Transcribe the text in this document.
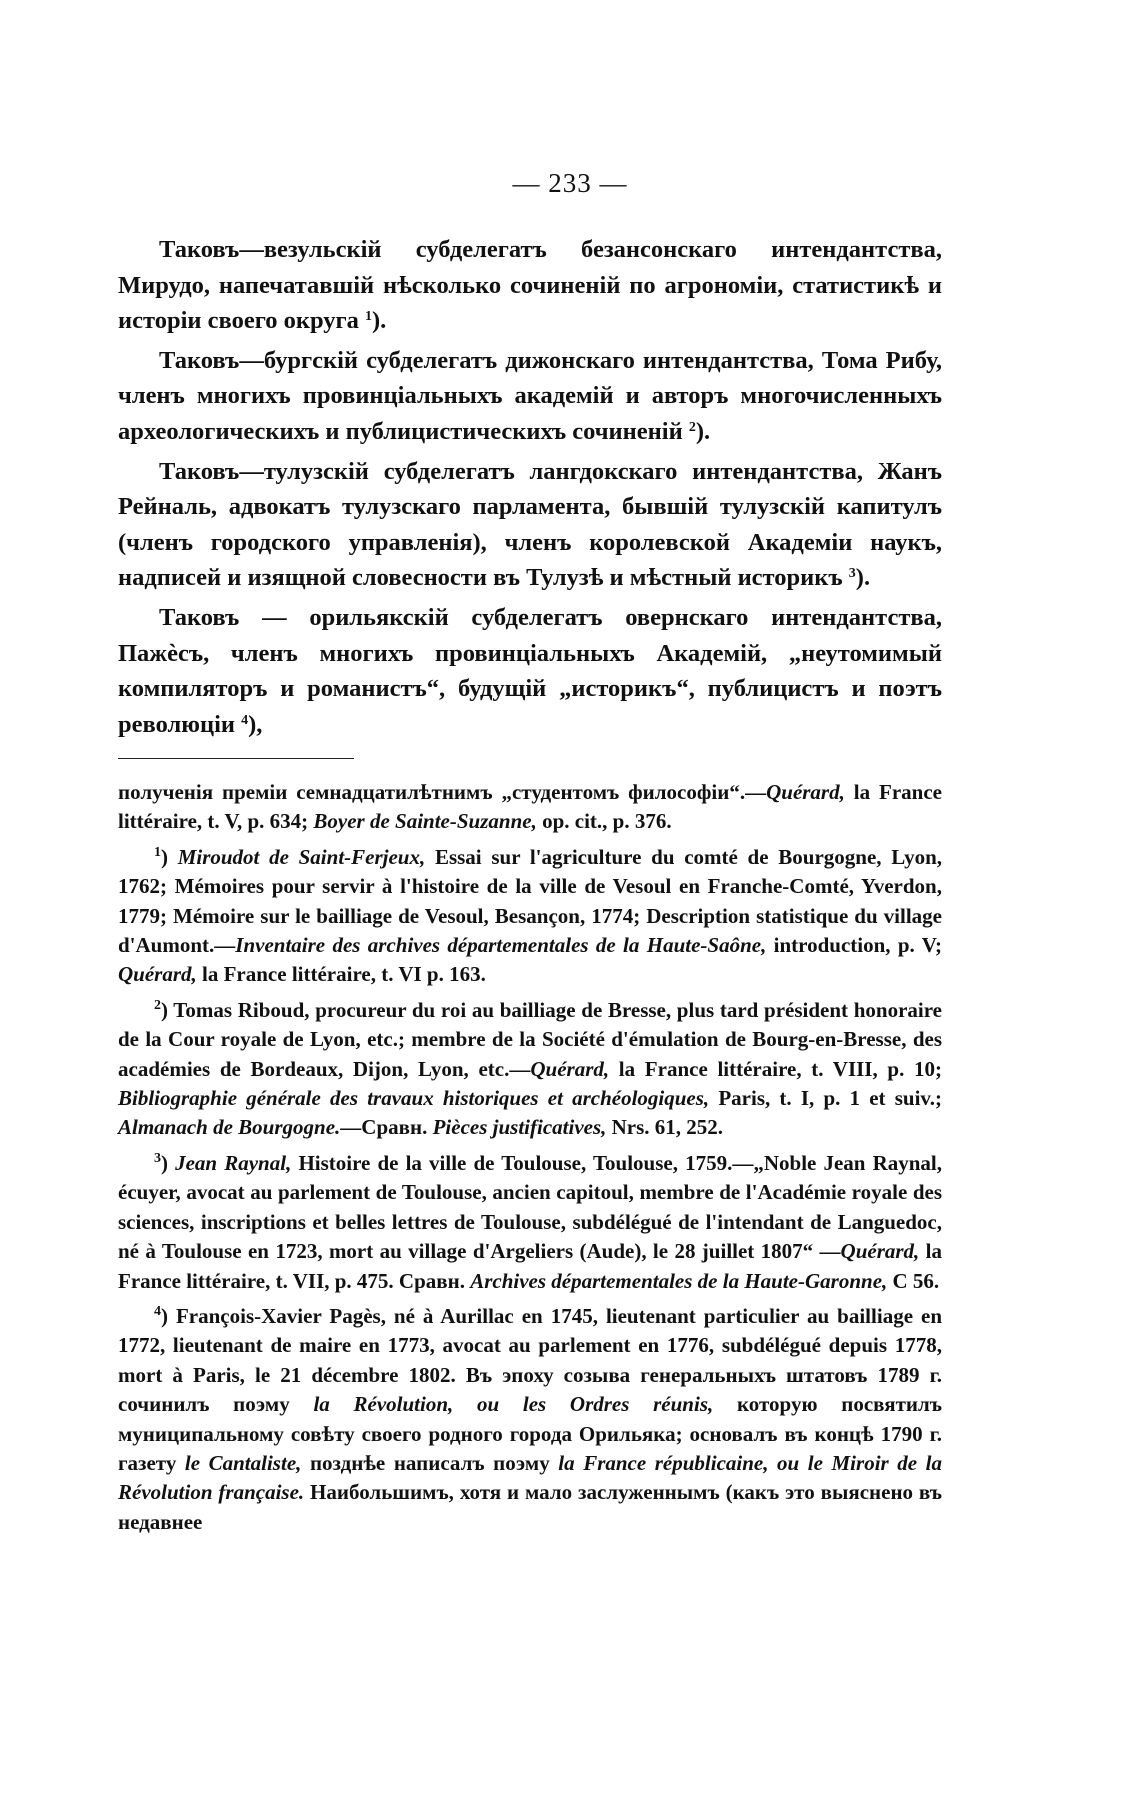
— 233 —

Таковъ—везульскій субделегатъ безансонскаго интендантства, Мирудо, напечатавшій нѣсколько сочиненій по агрономіи, статистикѣ и исторіи своего округа $^1$).

Таковъ—бургскій субделегатъ дижонскаго интендантства, Тома Рибу, членъ многихъ провинціальныхъ академій и авторъ многочисленныхъ археологическихъ и публицистическихъ сочиненій $^2$).

Таковъ—тулузскій субделегатъ лангдокскаго интендантства, Жанъ Рейналь, адвокатъ тулузскаго парламента, бывшій тулузскій капитулъ (членъ городского управленія), членъ королевской Академіи наукъ, надписей и изящной словесности въ Тулузѣ и мѣстный историкъ $^3$).

Таковъ — орильякскій субделегатъ овернскаго интендантства, Пажѐсъ, членъ многихъ провинціальныхъ Академій, „неутомимый компиляторъ и романистъ“, будущій „историкъ“, публицистъ и поэтъ революціи $^4$),

полученія преміи семнадцатилѣтнимъ „студентомъ философіи“.—Quérard, la France littéraire, t. V, p. 634; Boyer de Sainte-Suzanne, op. cit., p. 376.

$^1$) Miroudot de Saint-Ferjeux, Essai sur l'agriculture du comté de Bourgogne, Lyon, 1762; Mémoires pour servir à l'histoire de la ville de Vesoul en Franche-Comté, Yverdon, 1779; Mémoire sur le bailliage de Vesoul, Besançon, 1774; Description statistique du village d'Aumont.—Inventaire des archives départementales de la Haute-Saône, introduction, p. V; Quérard, la France littéraire, t. VI p. 163.

$^2$) Tomas Riboud, procureur du roi au bailliage de Bresse, plus tard président honoraire de la Cour royale de Lyon, etc.; membre de la Société d'émulation de Bourg-en-Bresse, des académies de Bordeaux, Dijon, Lyon, etc.—Quérard, la France littéraire, t. VIII, p. 10; Bibliographie générale des travaux historiques et archéologiques, Paris, t. I, p. 1 et suiv.; Almanach de Bourgogne.—Сравн. Pièces justificatives, Nrs. 61, 252.

$^3$) Jean Raynal, Histoire de la ville de Toulouse, Toulouse, 1759.—„Noble Jean Raynal, écuyer, avocat au parlement de Toulouse, ancien capitoul, membre de l'Académie royale des sciences, inscriptions et belles lettres de Toulouse, subdélégué de l'intendant de Languedoc, né à Toulouse en 1723, mort au village d'Argeliers (Aude), le 28 juillet 1807“ —Quérard, la France littéraire, t. VII, p. 475. Сравн. Archives départementales de la Haute-Garonne, C 56.

$^4$) François-Xavier Pagès, né à Aurillac en 1745, lieutenant particulier au bailliage en 1772, lieutenant de maire en 1773, avocat au parlement en 1776, subdélégué depuis 1778, mort à Paris, le 21 décembre 1802. Въ эпоху созыва генеральныхъ штатовъ 1789 г. сочинилъ поэму la Révolution, ou les Ordres réunis, которую посвятилъ муниципальному совѣту своего родного города Орильяка; основалъ въ концѣ 1790 г. газету le Cantaliste, позднѣе написалъ поэму la France républicaine, ou le Miroir de la Révolution française. Наибольшимъ, хотя и мало заслуженнымъ (какъ это выяснено въ недавнее
